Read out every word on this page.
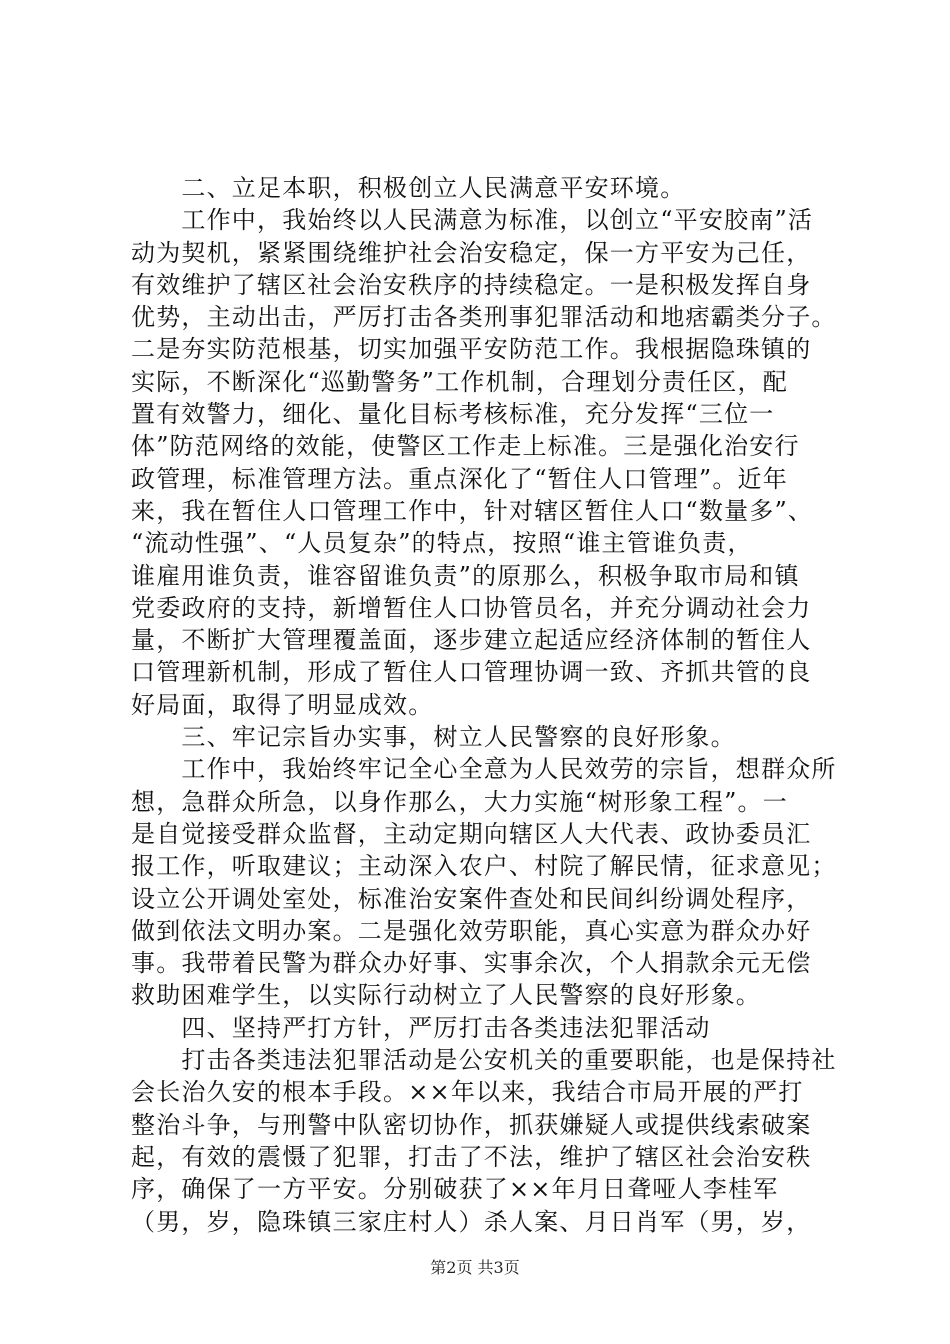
　　二、立足本职，积极创立人民满意平安环境。
　　工作中，我始终以人民满意为标准，以创立“平安胶南”活
动为契机，紧紧围绕维护社会治安稳定，保一方平安为己任，
有效维护了辖区社会治安秩序的持续稳定。一是积极发挥自身
优势，主动出击，严厉打击各类刑事犯罪活动和地痞霸类分子。
二是夯实防范根基，切实加强平安防范工作。我根据隐珠镇的
实际，不断深化“巡勤警务”工作机制，合理划分责任区，配
置有效警力，细化、量化目标考核标准，充分发挥“三位一
体”防范网络的效能，使警区工作走上标准。三是强化治安行
政管理，标准管理方法。重点深化了“暂住人口管理”。近年
来，我在暂住人口管理工作中，针对辖区暂住人口“数量多”、
“流动性强”、“人员复杂”的特点，按照“谁主管谁负责，
谁雇用谁负责，谁容留谁负责”的原那么，积极争取市局和镇
党委政府的支持，新增暂住人口协管员名，并充分调动社会力
量，不断扩大管理覆盖面，逐步建立起适应经济体制的暂住人
口管理新机制，形成了暂住人口管理协调一致、齐抓共管的良
好局面，取得了明显成效。
　　三、牢记宗旨办实事，树立人民警察的良好形象。
　　工作中，我始终牢记全心全意为人民效劳的宗旨，想群众所
想，急群众所急，以身作那么，大力实施“树形象工程”。一
是自觉接受群众监督，主动定期向辖区人大代表、政协委员汇
报工作，听取建议；主动深入农户、村院了解民情，征求意见；
设立公开调处室处，标准治安案件查处和民间纠纷调处程序，
做到依法文明办案。二是强化效劳职能，真心实意为群众办好
事。我带着民警为群众办好事、实事余次，个人捐款余元无偿
救助困难学生，以实际行动树立了人民警察的良好形象。
　　四、坚持严打方针，严厉打击各类违法犯罪活动
　　打击各类违法犯罪活动是公安机关的重要职能，也是保持社
会长治久安的根本手段。××年以来，我结合市局开展的严打
整治斗争，与刑警中队密切协作，抓获嫌疑人或提供线索破案
起，有效的震慑了犯罪，打击了不法，维护了辖区社会治安秩
序，确保了一方平安。分别破获了××年月日聋哑人李桂军
（男，岁，隐珠镇三家庄村人）杀人案、月日肖军（男，岁，
第2页 共3页
